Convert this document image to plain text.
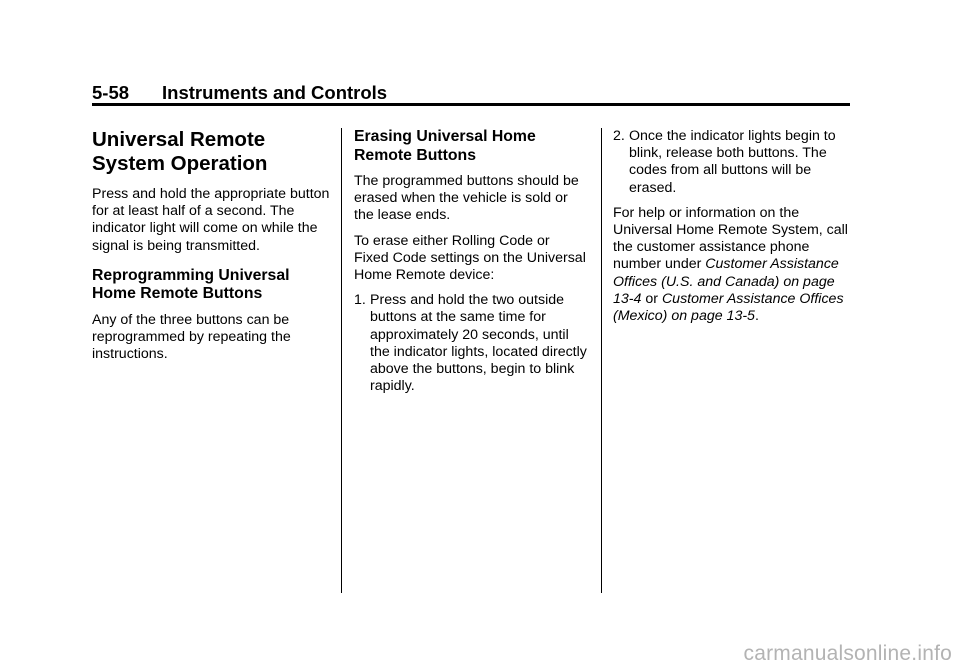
5-58 Instruments and Controls
Universal Remote System Operation

Press and hold the appropriate button for at least half of a second. The indicator light will come on while the signal is being transmitted.

Reprogramming Universal Home Remote Buttons

Any of the three buttons can be reprogrammed by repeating the instructions.

Erasing Universal Home Remote Buttons

The programmed buttons should be erased when the vehicle is sold or the lease ends.

To erase either Rolling Code or Fixed Code settings on the Universal Home Remote device:

1. Press and hold the two outside buttons at the same time for approximately 20 seconds, until the indicator lights, located directly above the buttons, begin to blink rapidly.
2. Once the indicator lights begin to blink, release both buttons. The codes from all buttons will be erased.

For help or information on the Universal Home Remote System, call the customer assistance phone number under Customer Assistance Offices (U.S. and Canada) on page 13-4 or Customer Assistance Offices (Mexico) on page 13-5.

carmanualsonline.info
